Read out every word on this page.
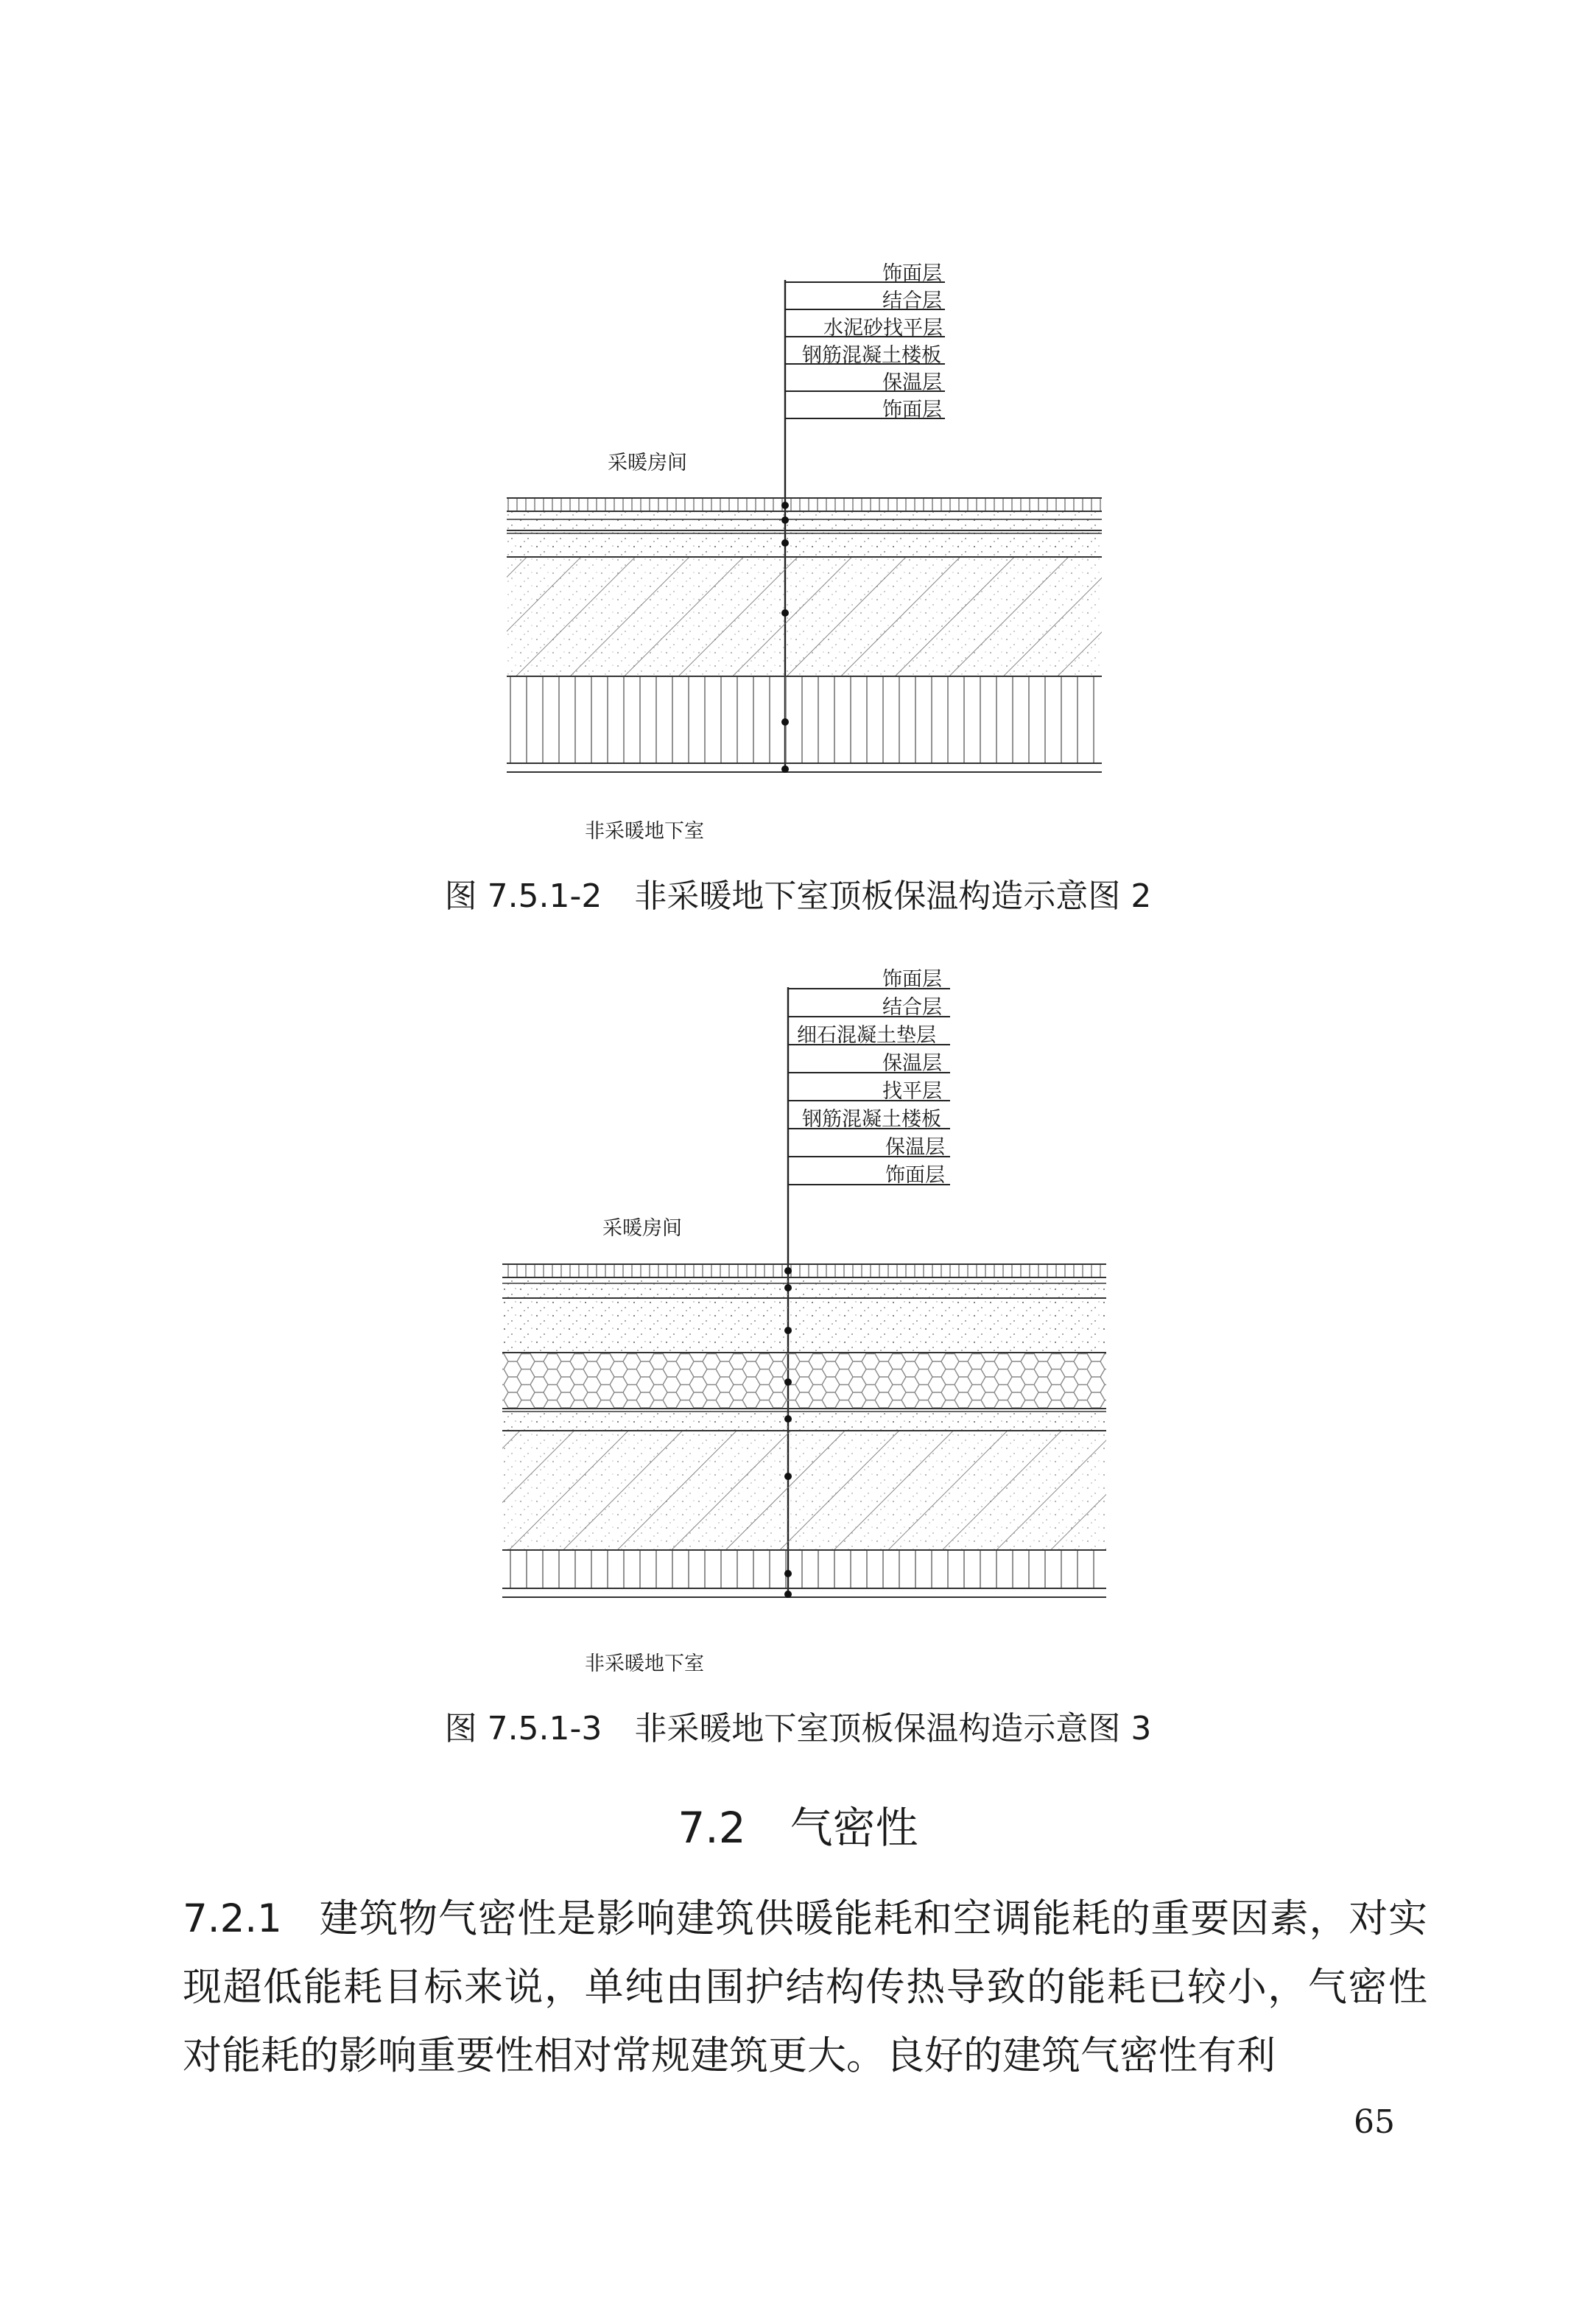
饰面层
结合层
水泥砂找平层
钢筋混凝土楼板
保温层
饰面层
采暖房间
非采暖地下室
图 7.5.1-2　非采暖地下室顶板保温构造示意图 2
饰面层
结合层
细石混凝土垫层
保温层
找平层
钢筋混凝土楼板
保温层
饰面层
采暖房间
非采暖地下室
图 7.5.1-3　非采暖地下室顶板保温构造示意图 3
7.2 气密性
7.2.1 建筑物气密性是影响建筑供暖能耗和空调能耗的重要因素，对实现超低能耗目标来说，单纯由围护结构传热导致的能耗已较小，气密性对能耗的影响重要性相对常规建筑更大。良好的建筑气密性有利
65
